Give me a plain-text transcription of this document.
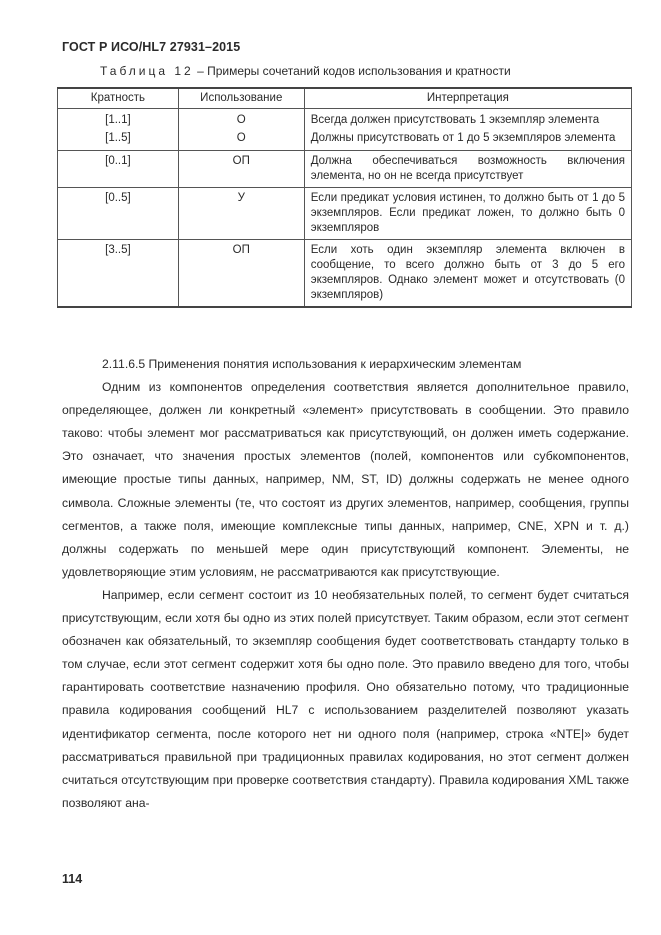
ГОСТ Р ИСО/HL7 27931–2015
Таблица 12 – Примеры сочетаний кодов использования и кратности
Кратность	Использование	Интерпретация
[1..1]	О	Всегда должен присутствовать 1 экземпляр элемента
[1..5]	О	Должны присутствовать от 1 до 5 экземпляров элемента
[0..1]	ОП	Должна обеспечиваться возможность включения элемента, но он не всегда присутствует
[0..5]	У	Если предикат условия истинен, то должно быть от 1 до 5 экземпляров. Если предикат ложен, то должно быть 0 экземпляров
[3..5]	ОП	Если хоть один экземпляр элемента включен в сообщение, то всего должно быть от 3 до 5 его экземпляров. Однако элемент может и отсутствовать (0 экземпляров)

2.11.6.5 Применения понятия использования к иерархическим элементам

Одним из компонентов определения соответствия является дополнительное правило, определяющее, должен ли конкретный «элемент» присутствовать в сообщении. Это правило таково: чтобы элемент мог рассматриваться как присутствующий, он должен иметь содержание. Это означает, что значения простых элементов (полей, компонентов или субкомпонентов, имеющие простые типы данных, например, NM, ST, ID) должны содержать не менее одного символа. Сложные элементы (те, что состоят из других элементов, например, сообщения, группы сегментов, а также поля, имеющие комплексные типы данных, например, CNE, XPN и т. д.) должны содержать по меньшей мере один присутствующий компонент. Элементы, не удовлетворяющие этим условиям, не рассматриваются как присутствующие.

Например, если сегмент состоит из 10 необязательных полей, то сегмент будет считаться присутствующим, если хотя бы одно из этих полей присутствует. Таким образом, если этот сегмент обозначен как обязательный, то экземпляр сообщения будет соответствовать стандарту только в том случае, если этот сегмент содержит хотя бы одно поле. Это правило введено для того, чтобы гарантировать соответствие назначению профиля. Оно обязательно потому, что традиционные правила кодирования сообщений HL7 с использованием разделителей позволяют указать идентификатор сегмента, после которого нет ни одного поля (например, строка «NTE|» будет рассматриваться правильной при традиционных правилах кодирования, но этот сегмент должен считаться отсутствующим при проверке соответствия стандарту). Правила кодирования XML также позволяют ана-

114
